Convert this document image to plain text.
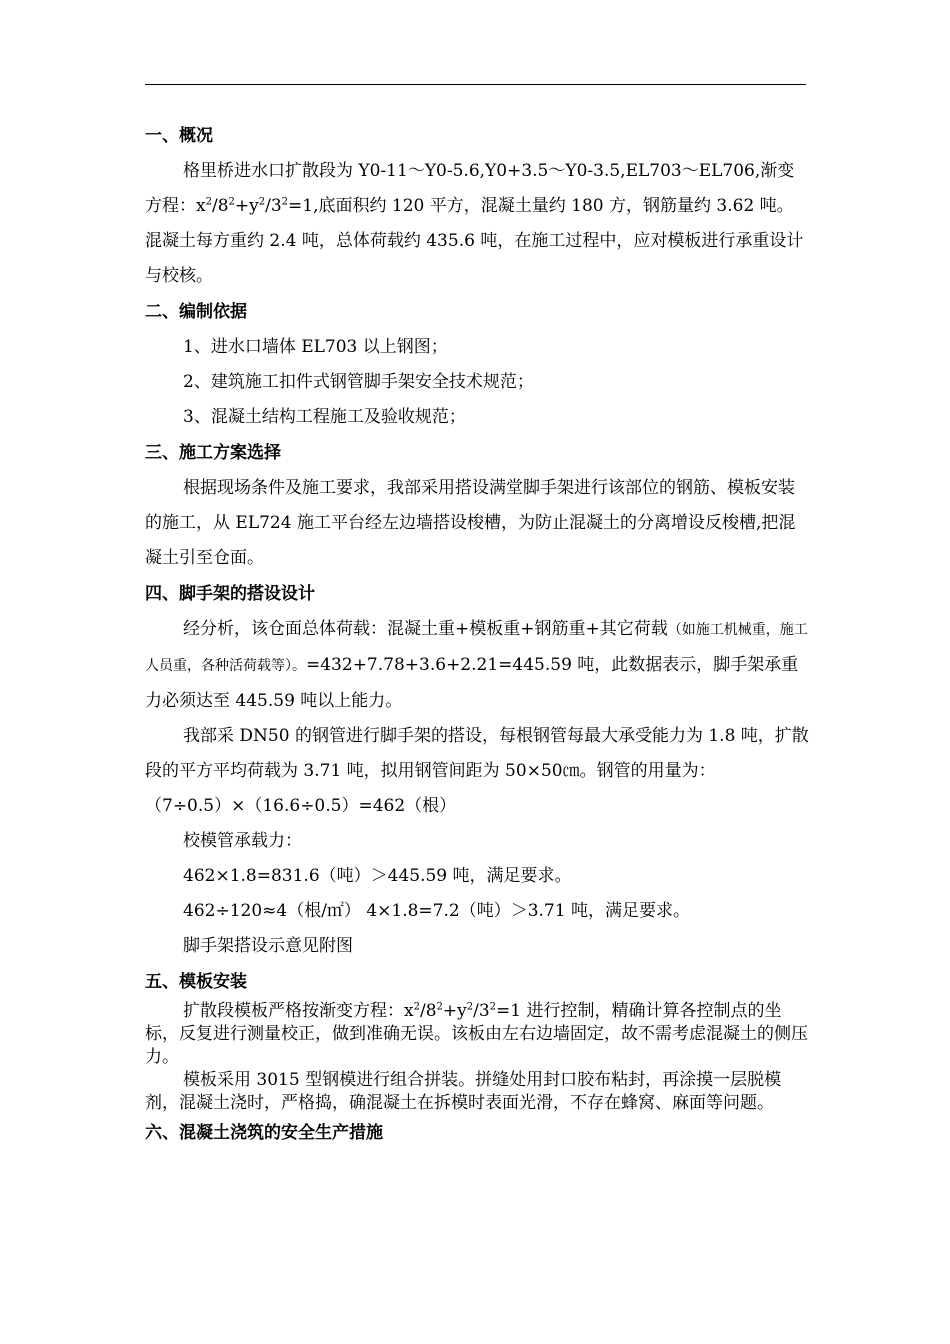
一、概况
格里桥进水口扩散段为 Y0-11～Y0-5.6,Y0+3.5～Y0-3.5,EL703～EL706,渐变方程：$x^2/8^2+y^2/3^2=1$,底面积约 120 平方，混凝土量约 180 方，钢筋量约 3.62 吨。混凝土每方重约 2.4 吨，总体荷载约 435.6 吨，在施工过程中，应对模板进行承重设计与校核。
二、编制依据
1、进水口墙体 EL703 以上钢图；
2、建筑施工扣件式钢管脚手架安全技术规范；
3、混凝土结构工程施工及验收规范；
三、施工方案选择
根据现场条件及施工要求，我部采用搭设满堂脚手架进行该部位的钢筋、模板安装的施工，从 EL724 施工平台经左边墙搭设梭槽，为防止混凝土的分离增设反梭槽,把混凝土引至仓面。
四、脚手架的搭设设计
经分析，该仓面总体荷载：混凝土重+模板重+钢筋重+其它荷载（如施工机械重，施工人员重，各种活荷载等）。=432+7.78+3.6+2.21=445.59 吨，此数据表示，脚手架承重力必须达至 445.59 吨以上能力。
我部采 DN50 的钢管进行脚手架的搭设，每根钢管每最大承受能力为 1.8 吨，扩散段的平方平均荷载为 3.71 吨，拟用钢管间距为 50×50㎝。钢管的用量为：
（7÷0.5）×（16.6÷0.5）=462（根）
校模管承载力：
462×1.8=831.6（吨）＞445.59 吨，满足要求。
462÷120≈4（根/㎡） 4×1.8=7.2（吨）＞3.71 吨，满足要求。
脚手架搭设示意见附图
五、模板安装
扩散段模板严格按渐变方程：$x^2/8^2+y^2/3^2=1$ 进行控制，精确计算各控制点的坐标，反复进行测量校正，做到准确无误。该板由左右边墙固定，故不需考虑混凝土的侧压力。
模板采用 3015 型钢模进行组合拼装。拼缝处用封口胶布粘封，再涂摸一层脱模剂，混凝土浇时，严格捣，确混凝土在拆模时表面光滑，不存在蜂窝、麻面等问题。
六、混凝土浇筑的安全生产措施
